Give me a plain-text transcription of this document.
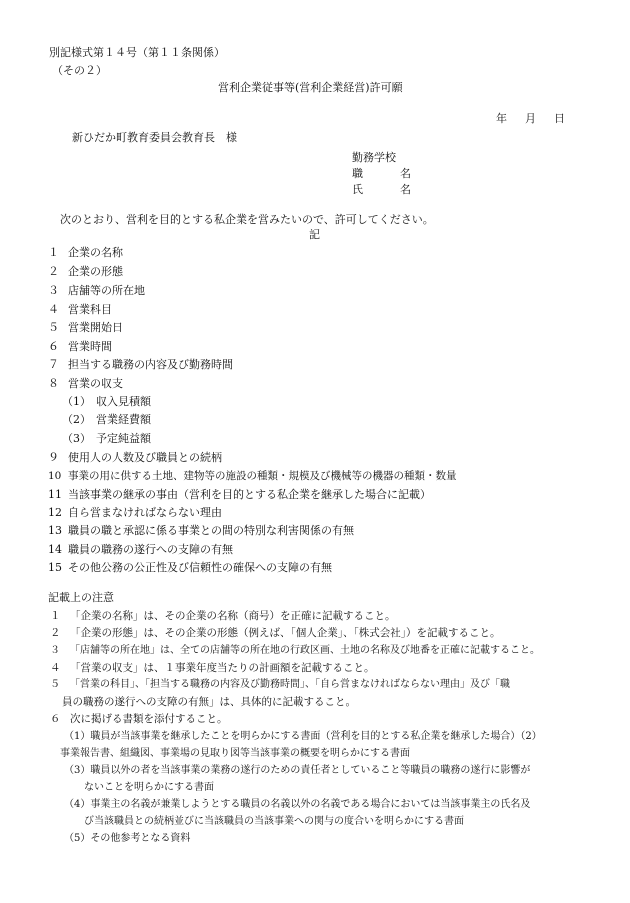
別記様式第１４号（第１１条関係）
（その２）
営利企業従事等(営利企業経営)許可願
年 月 日
新ひだか町教育委員会教育長　様
勤務学校
職	名
氏	名
次のとおり、営利を目的とする私企業を営みたいので、許可してください。
記
１ 企業の名称
２ 企業の形態
３ 店舗等の所在地
４ 営業科目
５ 営業開始日
６ 営業時間
７ 担当する職務の内容及び勤務時間
８ 営業の収支
（1） 収入見積額
（2） 営業経費額
（3） 予定純益額
９ 使用人の人数及び職員との続柄
10 事業の用に供する土地、建物等の施設の種類・規模及び機械等の機器の種類・数量
11 当該事業の継承の事由（営利を目的とする私企業を継承した場合に記載）
12 自ら営まなければならない理由
13 職員の職と承認に係る事業との間の特別な利害関係の有無
14 職員の職務の遂行への支障の有無
15 その他公務の公正性及び信頼性の確保への支障の有無
記載上の注意
１ 「企業の名称」は、その企業の名称（商号）を正確に記載すること。
２ 「企業の形態」は、その企業の形態（例えば、「個人企業」、「株式会社」）を記載すること。
３ 「店舗等の所在地」は、全ての店舗等の所在地の行政区画、土地の名称及び地番を正確に記載すること。
４ 「営業の収支」は、１事業年度当たりの計画額を記載すること。
５ 「営業の科目」、「担当する職務の内容及び勤務時間」、「自ら営まなければならない理由」及び「職
員の職務の遂行への支障の有無」は、具体的に記載すること。
６ 次に掲げる書類を添付すること。
（1）職員が当該事業を継承したことを明らかにする書面（営利を目的とする私企業を継承した場合）（2）
事業報告書、組織図、事業場の見取り図等当該事業の概要を明らかにする書面
（3）職員以外の者を当該事業の業務の遂行のための責任者としていること等職員の職務の遂行に影響が
ないことを明らかにする書面
（4）事業主の名義が兼業しようとする職員の名義以外の名義である場合においては当該事業主の氏名及
び当該職員との続柄並びに当該職員の当該事業への関与の度合いを明らかにする書面
（5）その他参考となる資料
